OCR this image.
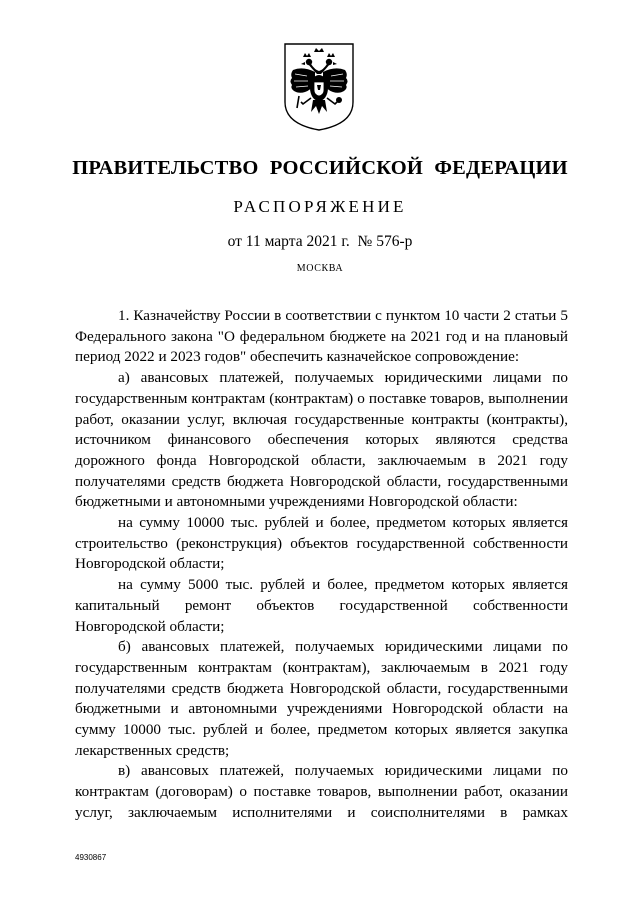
ПРАВИТЕЛЬСТВО РОССИЙСКОЙ ФЕДЕРАЦИИ
РАСПОРЯЖЕНИЕ
от 11 марта 2021 г.  № 576-р
МОСКВА

1. Казначейству России в соответствии с пунктом 10 части 2 статьи 5 Федерального закона "О федеральном бюджете на 2021 год и на плановый период 2022 и 2023 годов" обеспечить казначейское сопровождение:

а) авансовых платежей, получаемых юридическими лицами по государственным контрактам (контрактам) о поставке товаров, выполнении работ, оказании услуг, включая государственные контракты (контракты), источником финансового обеспечения которых являются средства дорожного фонда Новгородской области, заключаемым в 2021 году получателями средств бюджета Новгородской области, государственными бюджетными и автономными учреждениями Новгородской области:

на сумму 10000 тыс. рублей и более, предметом которых является строительство (реконструкция) объектов государственной собственности Новгородской области;

на сумму 5000 тыс. рублей и более, предметом которых является капитальный ремонт объектов государственной собственности Новгородской области;

б) авансовых платежей, получаемых юридическими лицами по государственным контрактам (контрактам), заключаемым в 2021 году получателями средств бюджета Новгородской области, государственными бюджетными и автономными учреждениями Новгородской области на сумму 10000 тыс. рублей и более, предметом которых является закупка лекарственных средств;

в) авансовых платежей, получаемых юридическими лицами по контрактам (договорам) о поставке товаров, выполнении работ, оказании услуг, заключаемым исполнителями и соисполнителями в рамках

4930867
